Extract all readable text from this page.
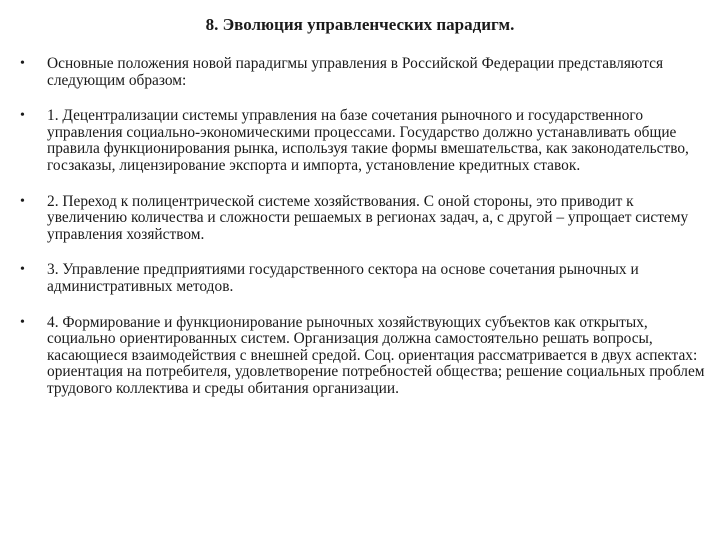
8. Эволюция управленческих парадигм.
• Основные положения новой парадигмы управления в Российской Федерации представляются следующим образом:
• 1. Децентрализации системы управления на базе сочетания рыночного и государственного управления социально-экономическими процессами. Государство должно устанавливать общие правила функционирования рынка, используя такие формы вмешательства, как законодательство, госзаказы, лицензирование экспорта и импорта, установление кредитных ставок.
• 2. Переход к полицентрической системе хозяйствования. С оной стороны, это приводит к увеличению количества и сложности решаемых в регионах задач, а, с другой – упрощает систему управления хозяйством.
• 3. Управление предприятиями государственного сектора на основе сочетания рыночных и административных методов.
• 4. Формирование и функционирование рыночных хозяйствующих субъектов как открытых, социально ориентированных систем. Организация должна самостоятельно решать вопросы, касающиеся взаимодействия с внешней средой. Соц. ориентация рассматривается в двух аспектах: ориентация на потребителя, удовлетворение потребностей общества; решение социальных проблем трудового коллектива и среды обитания организации.
